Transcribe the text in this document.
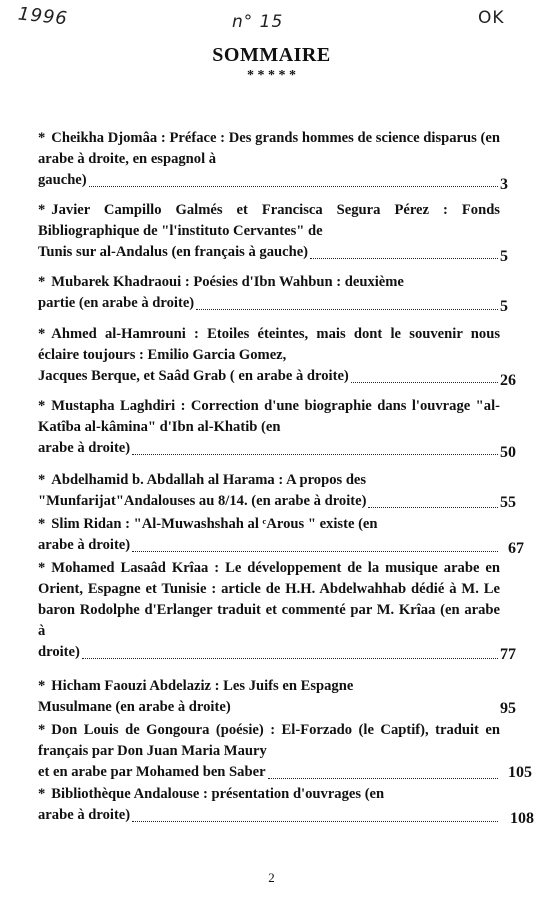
1996	n° 15	OK
SOMMAIRE
* * * * *
* Cheikha Djomâa : Préface : Des grands hommes de science disparus (en arabe à droite, en espagnol à
gauche)	3
* Javier Campillo Galmés et Francisca Segura Pérez : Fonds Bibliographique de "l'instituto Cervantes" de
Tunis sur al-Andalus (en français à gauche)	5
* Mubarek Khadraoui : Poésies d'Ibn Wahbun : deuxième
partie (en arabe à droite)	5
* Ahmed al-Hamrouni : Etoiles éteintes, mais dont le souvenir nous éclaire toujours : Emilio Garcia Gomez,
Jacques Berque, et Saâd Grab ( en arabe à droite)	26
* Mustapha Laghdiri : Correction d'une biographie dans l'ouvrage "al-Katîba al-kâmina" d'Ibn al-Khatib (en
arabe à droite)	50
* Abdelhamid b. Abdallah al Harama : A propos des
"Munfarijat"Andalouses au 8/14. (en arabe à droite)	55
* Slim Ridan : "Al-Muwashshah al ᶜArous " existe (en
arabe à droite)	67
* Mohamed Lasaâd Krîaa : Le développement de la musique arabe en Orient, Espagne et Tunisie : article de H.H. Abdelwahhab dédié à M. Le baron Rodolphe d'Erlanger traduit et commenté par M. Krîaa (en arabe à
droite)	77
* Hicham Faouzi Abdelaziz : Les Juifs en Espagne
Musulmane (en arabe à droite)	95
* Don Louis de Gongoura (poésie) : El-Forzado (le Captif), traduit en français par Don Juan Maria Maury
et en arabe par Mohamed ben Saber	105
* Bibliothèque Andalouse : présentation d'ouvrages (en
arabe à droite)	108
2
